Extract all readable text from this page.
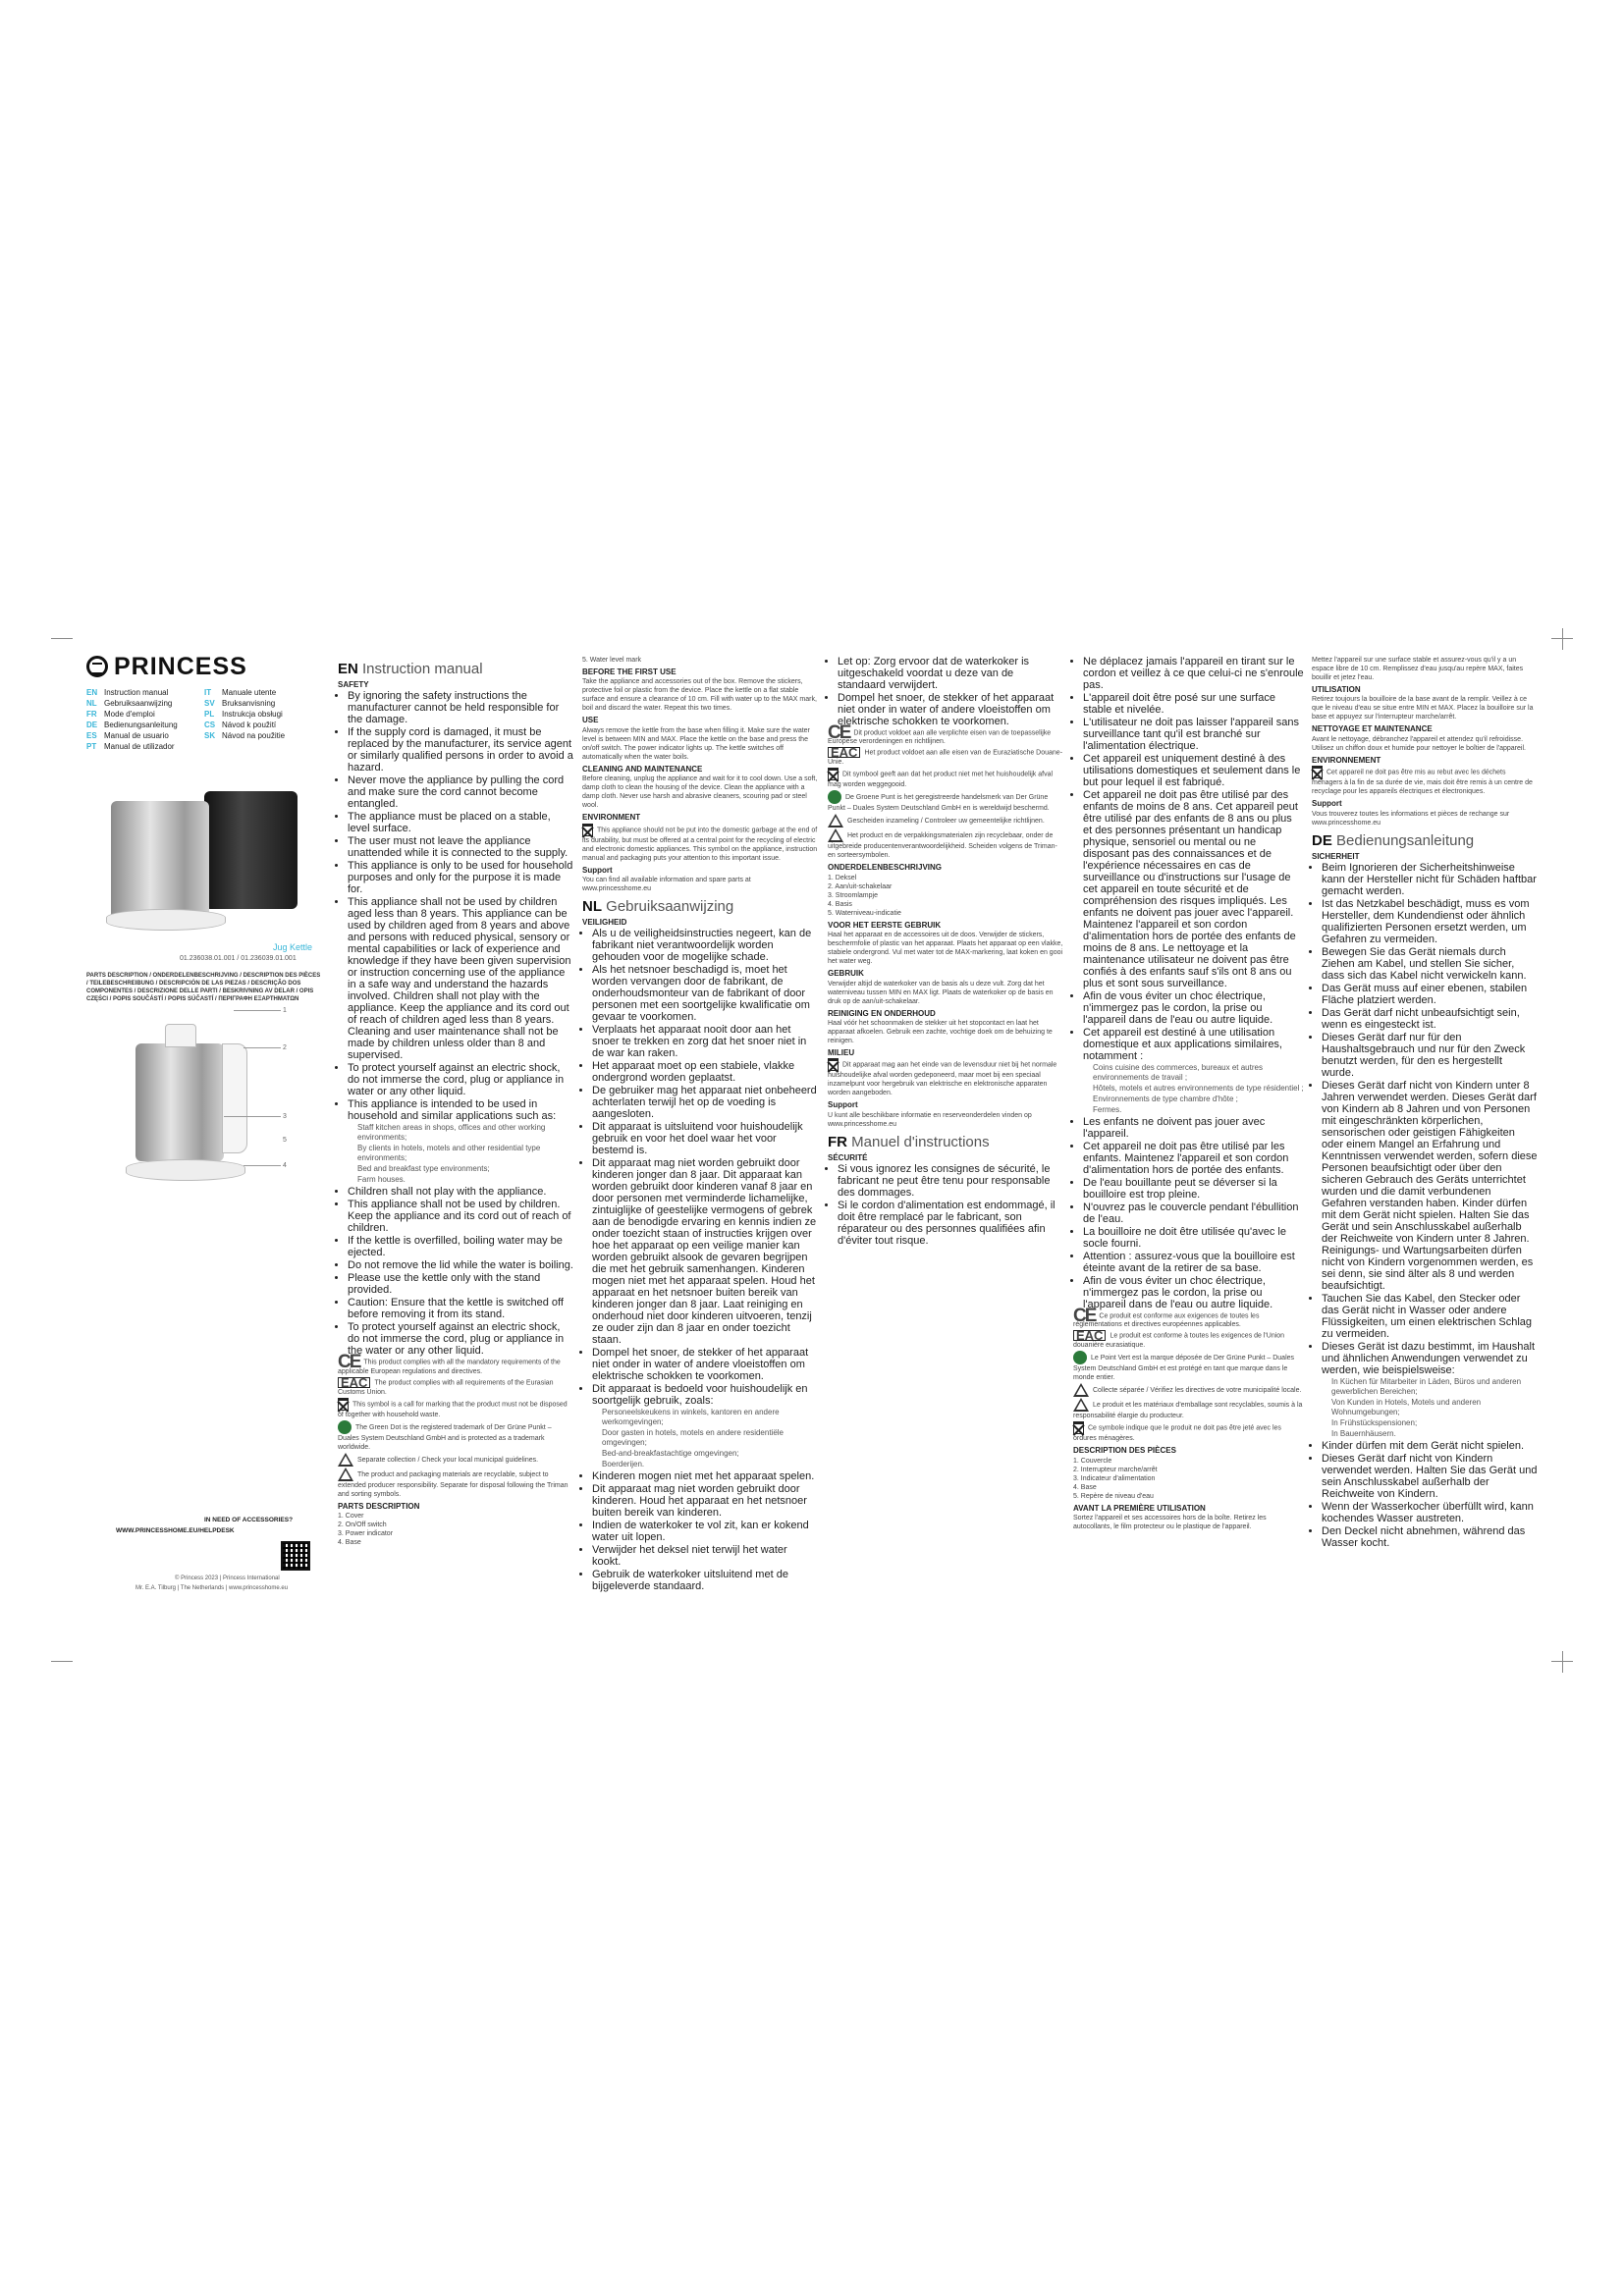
PRINCESS
EN Instruction manual	IT Manuale utente
NL Gebruiksaanwijzing	SV Bruksanvisning
FR Mode d'emploi	PL Instrukcja obsługi
DE Bedienungsanleitung	CS Návod k použití
ES Manual de usuario	SK Návod na použitie
PT Manual de utilizador
Jug Kettle
01.236038.01.001 / 01.236039.01.001
PARTS DESCRIPTION / ONDERDELENBESCHRIJVING / DESCRIPTION DES PIÈCES / TEILEBESCHREIBUNG / DESCRIPCIÓN DE LAS PIEZAS / DESCRIÇÃO DOS COMPONENTES / DESCRIZIONE DELLE PARTI / BESKRIVNING AV DELAR / OPIS CZĘŚCI / POPIS SOUČÁSTÍ / POPIS SÚČASTÍ / ΠΕΡΙΓΡΑΦΗ ΕΞΑΡΤΗΜΑΤΩΝ
1
2
3
4
5
IN NEED OF ACCESSORIES?
WWW.PRINCESSHOME.EU/HELPDESK
© Princess 2023 | Princess International
Mr. E.A. Tilburg | The Netherlands | www.princesshome.eu
EN Instruction manual
SAFETY
• By ignoring the safety instructions the manufacturer cannot be held responsible for the damage.
• If the supply cord is damaged, it must be replaced by the manufacturer, its service agent or similarly qualified persons in order to avoid a hazard.
• Never move the appliance by pulling the cord and make sure the cord cannot become entangled.
• The appliance must be placed on a stable, level surface.
• The user must not leave the appliance unattended while it is connected to the supply.
• This appliance is only to be used for household purposes and only for the purpose it is made for.
• This appliance shall not be used by children aged less than 8 years. This appliance can be used by children aged from 8 years and above and persons with reduced physical, sensory or mental capabilities or lack of experience and knowledge if they have been given supervision or instruction concerning use of the appliance in a safe way and understand the hazards involved. Children shall not play with the appliance. Keep the appliance and its cord out of reach of children aged less than 8 years. Cleaning and user maintenance shall not be made by children unless older than 8 and supervised.
• To protect yourself against an electric shock, do not immerse the cord, plug or appliance in water or any other liquid.
• This appliance is intended to be used in household and similar applications such as:
Staff kitchen areas in shops, offices and other working environments;
By clients in hotels, motels and other residential type environments;
Bed and breakfast type environments;
Farm houses.
• Children shall not play with the appliance.
• This appliance shall not be used by children. Keep the appliance and its cord out of reach of children.
• If the kettle is overfilled, boiling water may be ejected.
• Do not remove the lid while the water is boiling.
• Please use the kettle only with the stand provided.
• Caution: Ensure that the kettle is switched off before removing it from its stand.
• To protect yourself against an electric shock, do not immerse the cord, plug or appliance in the water or any other liquid.

CE This product complies with all the mandatory requirements of the applicable European regulations and directives.

EAC The product complies with all requirements of the Eurasian Customs Union.

This symbol is a call for marking that the product must not be disposed of together with household waste.

The Green Dot is the registered trademark of Der Grüne Punkt – Duales System Deutschland GmbH and is protected as a trademark worldwide.

Separate collection / Check your local municipal guidelines.

The product and packaging materials are recyclable, subject to extended producer responsibility. Separate for disposal following the Triman and sorting symbols.

PARTS DESCRIPTION
1. Cover
2. On/Off switch
3. Power indicator
4. Base
5. Water level mark
BEFORE THE FIRST USE

Take the appliance and accessories out of the box. Remove the stickers, protective foil or plastic from the device. Place the kettle on a flat stable surface and ensure a clearance of 10 cm. Fill with water up to the MAX mark, boil and discard the water. Repeat this two times.

USE

Always remove the kettle from the base when filling it. Make sure the water level is between MIN and MAX. Place the kettle on the base and press the on/off switch. The power indicator lights up. The kettle switches off automatically when the water boils.

CLEANING AND MAINTENANCE

Before cleaning, unplug the appliance and wait for it to cool down. Use a soft, damp cloth to clean the housing of the device. Clean the appliance with a damp cloth. Never use harsh and abrasive cleaners, scouring pad or steel wool.

ENVIRONMENT

This appliance should not be put into the domestic garbage at the end of its durability, but must be offered at a central point for the recycling of electric and electronic domestic appliances. This symbol on the appliance, instruction manual and packaging puts your attention to this important issue.

Support

You can find all available information and spare parts at www.princesshome.eu

NL Gebruiksaanwijzing
VEILIGHEID
• Als u de veiligheidsinstructies negeert, kan de fabrikant niet verantwoordelijk worden gehouden voor de mogelijke schade.
• Als het netsnoer beschadigd is, moet het worden vervangen door de fabrikant, de onderhoudsmonteur van de fabrikant of door personen met een soortgelijke kwalificatie om gevaar te voorkomen.
• Verplaats het apparaat nooit door aan het snoer te trekken en zorg dat het snoer niet in de war kan raken.
• Het apparaat moet op een stabiele, vlakke ondergrond worden geplaatst.
• De gebruiker mag het apparaat niet onbeheerd achterlaten terwijl het op de voeding is aangesloten.
• Dit apparaat is uitsluitend voor huishoudelijk gebruik en voor het doel waar het voor bestemd is.
• Dit apparaat mag niet worden gebruikt door kinderen jonger dan 8 jaar. Dit apparaat kan worden gebruikt door kinderen vanaf 8 jaar en door personen met verminderde lichamelijke, zintuiglijke of geestelijke vermogens of gebrek aan de benodigde ervaring en kennis indien ze onder toezicht staan of instructies krijgen over hoe het apparaat op een veilige manier kan worden gebruikt alsook de gevaren begrijpen die met het gebruik samenhangen. Kinderen mogen niet met het apparaat spelen. Houd het apparaat en het netsnoer buiten bereik van kinderen jonger dan 8 jaar. Laat reiniging en onderhoud niet door kinderen uitvoeren, tenzij ze ouder zijn dan 8 jaar en onder toezicht staan.
• Dompel het snoer, de stekker of het apparaat niet onder in water of andere vloeistoffen om elektrische schokken te voorkomen.
• Dit apparaat is bedoeld voor huishoudelijk en soortgelijk gebruik, zoals:
Personeelskeukens in winkels, kantoren en andere werkomgevingen;
Door gasten in hotels, motels en andere residentiële omgevingen;
Bed-and-breakfastachtige omgevingen;
Boerderijen.
• Kinderen mogen niet met het apparaat spelen.
• Dit apparaat mag niet worden gebruikt door kinderen. Houd het apparaat en het netsnoer buiten bereik van kinderen.
• Indien de waterkoker te vol zit, kan er kokend water uit lopen.
• Verwijder het deksel niet terwijl het water kookt.
• Gebruik de waterkoker uitsluitend met de bijgeleverde standaard.
• Let op: Zorg ervoor dat de waterkoker is uitgeschakeld voordat u deze van de standaard verwijdert.
• Dompel het snoer, de stekker of het apparaat niet onder in water of andere vloeistoffen om elektrische schokken te voorkomen.

CE Dit product voldoet aan alle verplichte eisen van de toepasselijke Europese verordeningen en richtlijnen.

EAC Het product voldoet aan alle eisen van de Euraziatische Douane-Unie.

Dit symbool geeft aan dat het product niet met het huishoudelijk afval mag worden weggegooid.

De Groene Punt is het geregistreerde handelsmerk van Der Grüne Punkt – Duales System Deutschland GmbH en is wereldwijd beschermd.

Gescheiden inzameling / Controleer uw gemeentelijke richtlijnen.

Het product en de verpakkingsmaterialen zijn recyclebaar, onder de uitgebreide producentenverantwoordelijkheid. Scheiden volgens de Triman- en sorteersymbolen.

ONDERDELENBESCHRIJVING
1. Deksel
2. Aan/uit-schakelaar
3. Stroomlampje
4. Basis
5. Waterniveau-indicatie
VOOR HET EERSTE GEBRUIK

Haal het apparaat en de accessoires uit de doos. Verwijder de stickers, beschermfolie of plastic van het apparaat. Plaats het apparaat op een vlakke, stabiele ondergrond. Vul met water tot de MAX-markering, laat koken en gooi het water weg.

GEBRUIK

Verwijder altijd de waterkoker van de basis als u deze vult. Zorg dat het waterniveau tussen MIN en MAX ligt. Plaats de waterkoker op de basis en druk op de aan/uit-schakelaar.

REINIGING EN ONDERHOUD

Haal vóór het schoonmaken de stekker uit het stopcontact en laat het apparaat afkoelen. Gebruik een zachte, vochtige doek om de behuizing te reinigen.

MILIEU

Dit apparaat mag aan het einde van de levensduur niet bij het normale huishoudelijke afval worden gedeponeerd, maar moet bij een speciaal inzamelpunt voor hergebruik van elektrische en elektronische apparaten worden aangeboden.

Support

U kunt alle beschikbare informatie en reserveonderdelen vinden op www.princesshome.eu

FR Manuel d'instructions
SÉCURITÉ
• Si vous ignorez les consignes de sécurité, le fabricant ne peut être tenu pour responsable des dommages.
• Si le cordon d'alimentation est endommagé, il doit être remplacé par le fabricant, son réparateur ou des personnes qualifiées afin d'éviter tout risque.
• Ne déplacez jamais l'appareil en tirant sur le cordon et veillez à ce que celui-ci ne s'enroule pas.
• L'appareil doit être posé sur une surface stable et nivelée.
• L'utilisateur ne doit pas laisser l'appareil sans surveillance tant qu'il est branché sur l'alimentation électrique.
• Cet appareil est uniquement destiné à des utilisations domestiques et seulement dans le but pour lequel il est fabriqué.
• Cet appareil ne doit pas être utilisé par des enfants de moins de 8 ans. Cet appareil peut être utilisé par des enfants de 8 ans ou plus et des personnes présentant un handicap physique, sensoriel ou mental ou ne disposant pas des connaissances et de l'expérience nécessaires en cas de surveillance ou d'instructions sur l'usage de cet appareil en toute sécurité et de compréhension des risques impliqués. Les enfants ne doivent pas jouer avec l'appareil. Maintenez l'appareil et son cordon d'alimentation hors de portée des enfants de moins de 8 ans. Le nettoyage et la maintenance utilisateur ne doivent pas être confiés à des enfants sauf s'ils ont 8 ans ou plus et sont sous surveillance.
• Afin de vous éviter un choc électrique, n'immergez pas le cordon, la prise ou l'appareil dans de l'eau ou autre liquide.
• Cet appareil est destiné à une utilisation domestique et aux applications similaires, notamment :
Coins cuisine des commerces, bureaux et autres environnements de travail ;
Hôtels, motels et autres environnements de type résidentiel ;
Environnements de type chambre d'hôte ;
Fermes.
• Les enfants ne doivent pas jouer avec l'appareil.
• Cet appareil ne doit pas être utilisé par les enfants. Maintenez l'appareil et son cordon d'alimentation hors de portée des enfants.
• De l'eau bouillante peut se déverser si la bouilloire est trop pleine.
• N'ouvrez pas le couvercle pendant l'ébullition de l'eau.
• La bouilloire ne doit être utilisée qu'avec le socle fourni.
• Attention : assurez-vous que la bouilloire est éteinte avant de la retirer de sa base.
• Afin de vous éviter un choc électrique, n'immergez pas le cordon, la prise ou l'appareil dans de l'eau ou autre liquide.

CE Ce produit est conforme aux exigences de toutes les réglementations et directives européennes applicables.

EAC Le produit est conforme à toutes les exigences de l'Union douanière eurasiatique.

Le Point Vert est la marque déposée de Der Grüne Punkt – Duales System Deutschland GmbH et est protégé en tant que marque dans le monde entier.

Collecte séparée / Vérifiez les directives de votre municipalité locale.

Le produit et les matériaux d'emballage sont recyclables, soumis à la responsabilité élargie du producteur.

Ce symbole indique que le produit ne doit pas être jeté avec les ordures ménagères.

DESCRIPTION DES PIÈCES
1. Couvercle
2. Interrupteur marche/arrêt
3. Indicateur d'alimentation
4. Base
5. Repère de niveau d'eau
AVANT LA PREMIÈRE UTILISATION

Sortez l'appareil et ses accessoires hors de la boîte. Retirez les autocollants, le film protecteur ou le plastique de l'appareil.

Mettez l'appareil sur une surface stable et assurez-vous qu'il y a un espace libre de 10 cm. Remplissez d'eau jusqu'au repère MAX, faites bouillir et jetez l'eau.

UTILISATION

Retirez toujours la bouilloire de la base avant de la remplir. Veillez à ce que le niveau d'eau se situe entre MIN et MAX. Placez la bouilloire sur la base et appuyez sur l'interrupteur marche/arrêt.

NETTOYAGE ET MAINTENANCE

Avant le nettoyage, débranchez l'appareil et attendez qu'il refroidisse. Utilisez un chiffon doux et humide pour nettoyer le boîtier de l'appareil.

ENVIRONNEMENT

Cet appareil ne doit pas être mis au rebut avec les déchets ménagers à la fin de sa durée de vie, mais doit être remis à un centre de recyclage pour les appareils électriques et électroniques.

Support

Vous trouverez toutes les informations et pièces de rechange sur www.princesshome.eu

DE Bedienungsanleitung
SICHERHEIT
• Beim Ignorieren der Sicherheitshinweise kann der Hersteller nicht für Schäden haftbar gemacht werden.
• Ist das Netzkabel beschädigt, muss es vom Hersteller, dem Kundendienst oder ähnlich qualifizierten Personen ersetzt werden, um Gefahren zu vermeiden.
• Bewegen Sie das Gerät niemals durch Ziehen am Kabel, und stellen Sie sicher, dass sich das Kabel nicht verwickeln kann.
• Das Gerät muss auf einer ebenen, stabilen Fläche platziert werden.
• Das Gerät darf nicht unbeaufsichtigt sein, wenn es eingesteckt ist.
• Dieses Gerät darf nur für den Haushaltsgebrauch und nur für den Zweck benutzt werden, für den es hergestellt wurde.
• Dieses Gerät darf nicht von Kindern unter 8 Jahren verwendet werden. Dieses Gerät darf von Kindern ab 8 Jahren und von Personen mit eingeschränkten körperlichen, sensorischen oder geistigen Fähigkeiten oder einem Mangel an Erfahrung und Kenntnissen verwendet werden, sofern diese Personen beaufsichtigt oder über den sicheren Gebrauch des Geräts unterrichtet wurden und die damit verbundenen Gefahren verstanden haben. Kinder dürfen mit dem Gerät nicht spielen. Halten Sie das Gerät und sein Anschlusskabel außerhalb der Reichweite von Kindern unter 8 Jahren. Reinigungs- und Wartungsarbeiten dürfen nicht von Kindern vorgenommen werden, es sei denn, sie sind älter als 8 und werden beaufsichtigt.
• Tauchen Sie das Kabel, den Stecker oder das Gerät nicht in Wasser oder andere Flüssigkeiten, um einen elektrischen Schlag zu vermeiden.
• Dieses Gerät ist dazu bestimmt, im Haushalt und ähnlichen Anwendungen verwendet zu werden, wie beispielsweise:
In Küchen für Mitarbeiter in Läden, Büros und anderen gewerblichen Bereichen;
Von Kunden in Hotels, Motels und anderen Wohnumgebungen;
In Frühstückspensionen;
In Bauernhäusern.
• Kinder dürfen mit dem Gerät nicht spielen.
• Dieses Gerät darf nicht von Kindern verwendet werden. Halten Sie das Gerät und sein Anschlusskabel außerhalb der Reichweite von Kindern.
• Wenn der Wasserkocher überfüllt wird, kann kochendes Wasser austreten.
• Den Deckel nicht abnehmen, während das Wasser kocht.
